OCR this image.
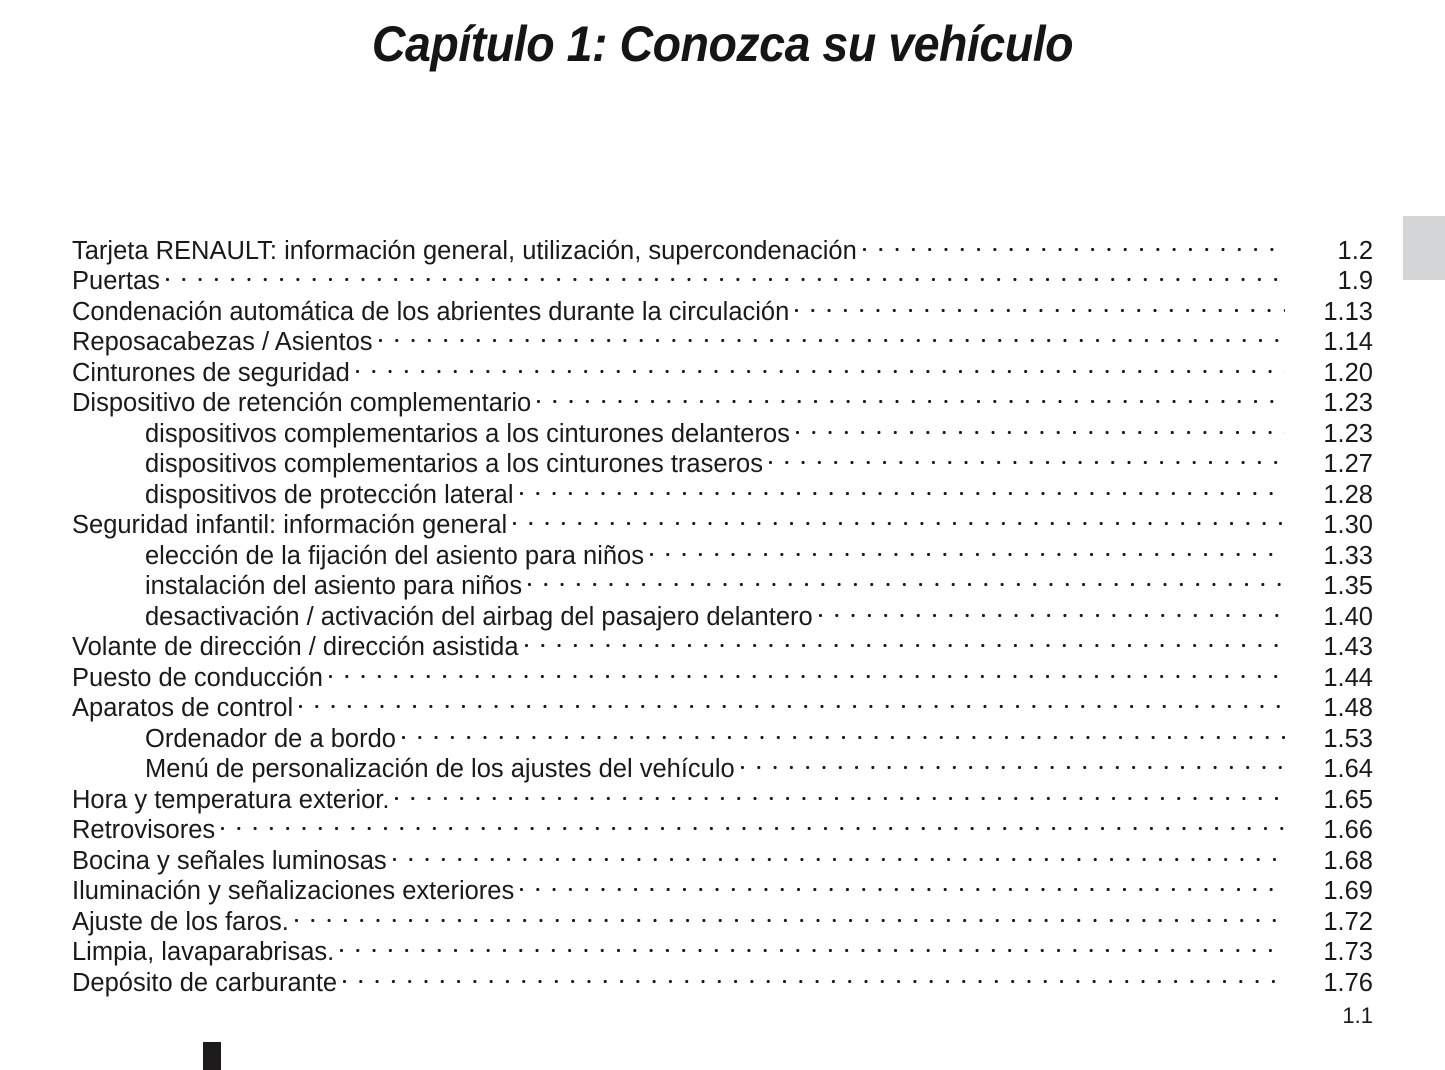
Capítulo 1: Conozca su vehículo
Tarjeta RENAULT: información general, utilización, supercondenación	1.2
Puertas	1.9
Condenación automática de los abrientes durante la circulación	1.13
Reposacabezas / Asientos	1.14
Cinturones de seguridad	1.20
Dispositivo de retención complementario	1.23
dispositivos complementarios a los cinturones delanteros	1.23
dispositivos complementarios a los cinturones traseros	1.27
dispositivos de protección lateral	1.28
Seguridad infantil: información general	1.30
elección de la fijación del asiento para niños	1.33
instalación del asiento para niños	1.35
desactivación / activación del airbag del pasajero delantero	1.40
Volante de dirección / dirección asistida	1.43
Puesto de conducción	1.44
Aparatos de control	1.48
Ordenador de a bordo	1.53
Menú de personalización de los ajustes del vehículo	1.64
Hora y temperatura exterior.	1.65
Retrovisores	1.66
Bocina y señales luminosas	1.68
Iluminación y señalizaciones exteriores	1.69
Ajuste de los faros.	1.72
Limpia, lavaparabrisas.	1.73
Depósito de carburante	1.76
1.1
